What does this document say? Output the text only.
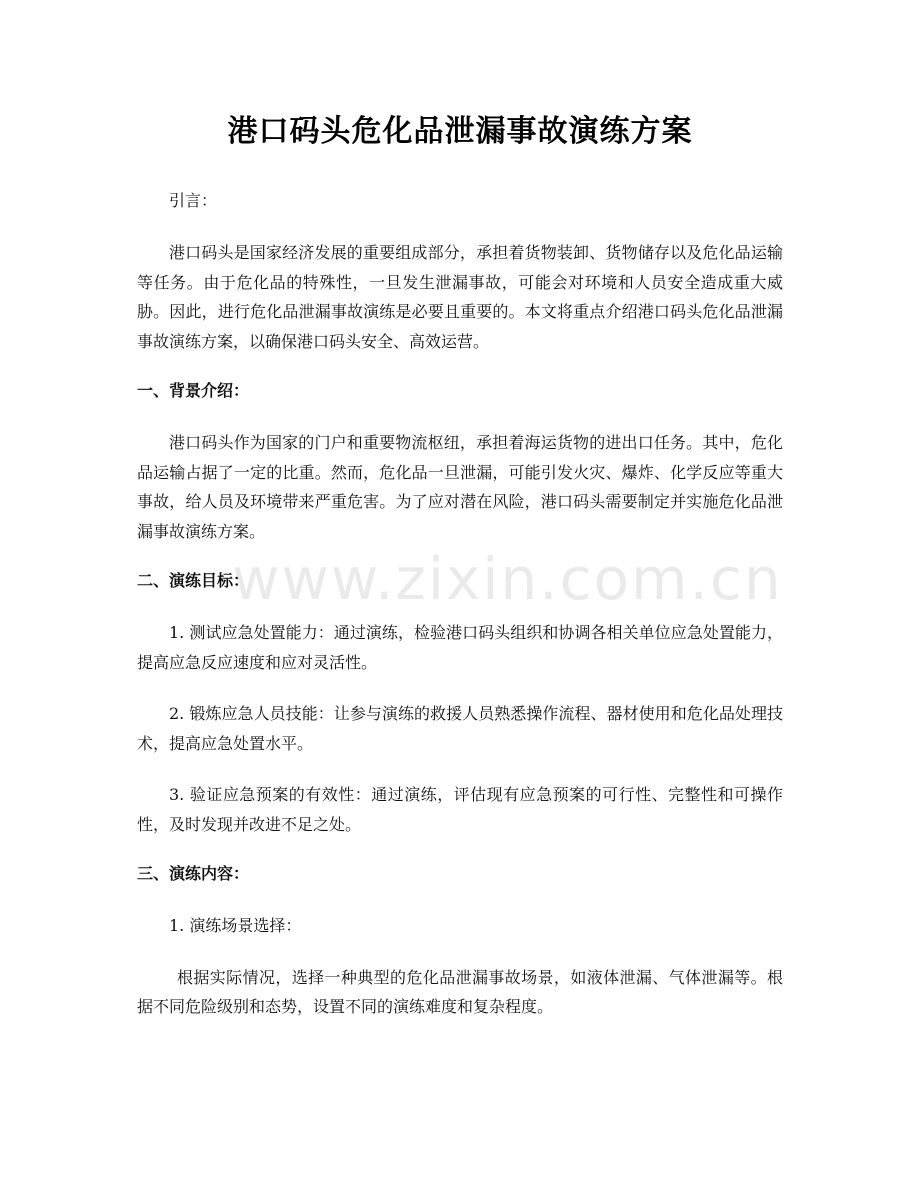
港口码头危化品泄漏事故演练方案
引言：

港口码头是国家经济发展的重要组成部分，承担着货物装卸、货物储存以及危化品运输等任务。由于危化品的特殊性，一旦发生泄漏事故，可能会对环境和人员安全造成重大威胁。因此，进行危化品泄漏事故演练是必要且重要的。本文将重点介绍港口码头危化品泄漏事故演练方案，以确保港口码头安全、高效运营。

一、背景介绍：

港口码头作为国家的门户和重要物流枢纽，承担着海运货物的进出口任务。其中，危化品运输占据了一定的比重。然而，危化品一旦泄漏，可能引发火灾、爆炸、化学反应等重大事故，给人员及环境带来严重危害。为了应对潜在风险，港口码头需要制定并实施危化品泄漏事故演练方案。

二、演练目标：

1. 测试应急处置能力：通过演练，检验港口码头组织和协调各相关单位应急处置能力，提高应急反应速度和应对灵活性。

2. 锻炼应急人员技能：让参与演练的救援人员熟悉操作流程、器材使用和危化品处理技术，提高应急处置水平。

3. 验证应急预案的有效性：通过演练，评估现有应急预案的可行性、完整性和可操作性，及时发现并改进不足之处。

三、演练内容：

1. 演练场景选择：

根据实际情况，选择一种典型的危化品泄漏事故场景，如液体泄漏、气体泄漏等。根据不同危险级别和态势，设置不同的演练难度和复杂程度。

www.zixin.com.cn
